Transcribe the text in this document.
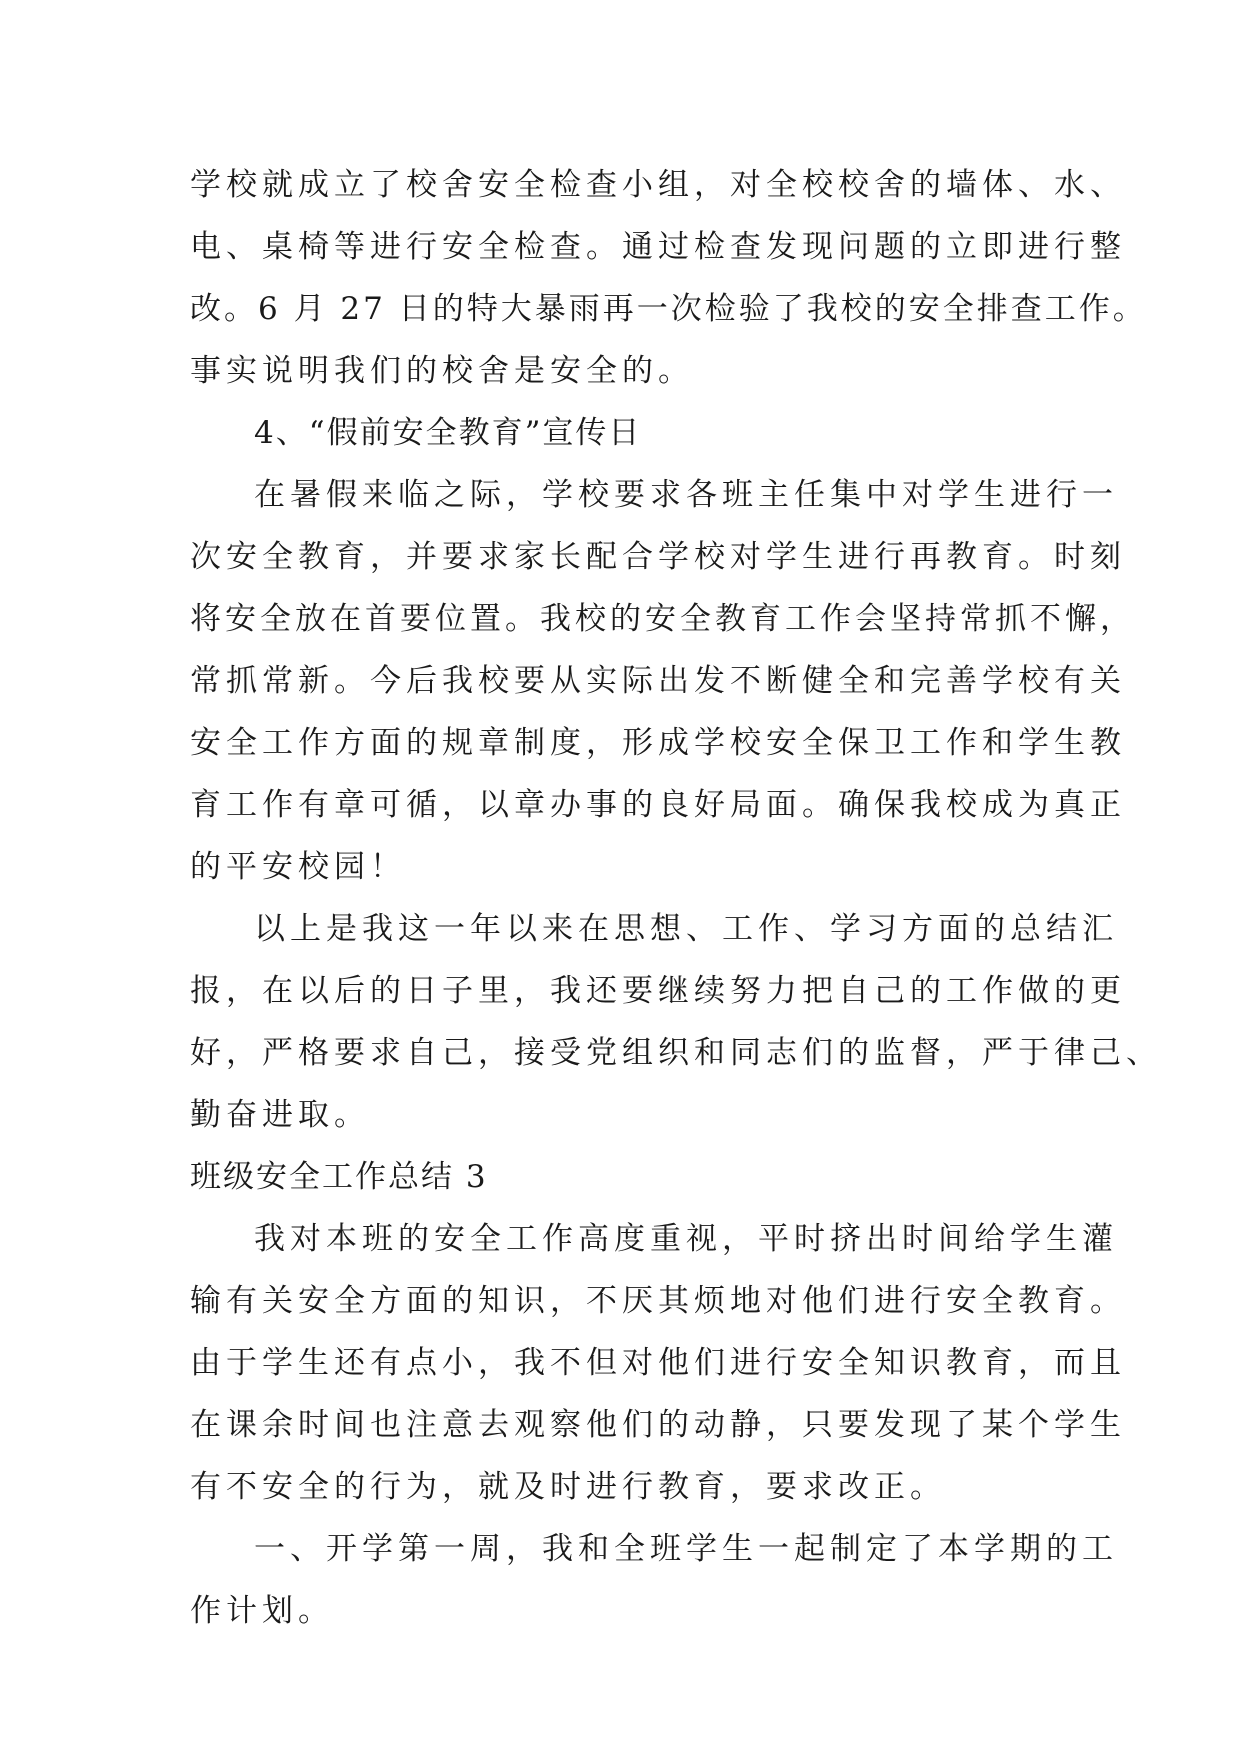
学校就成立了校舍安全检查小组，对全校校舍的墙体、水、
电、桌椅等进行安全检查。通过检查发现问题的立即进行整
改。6 月 27 日的特大暴雨再一次检验了我校的安全排查工作。
事实说明我们的校舍是安全的。
4、“假前安全教育”宣传日
在暑假来临之际，学校要求各班主任集中对学生进行一
次安全教育，并要求家长配合学校对学生进行再教育。时刻
将安全放在首要位置。我校的安全教育工作会坚持常抓不懈，
常抓常新。今后我校要从实际出发不断健全和完善学校有关
安全工作方面的规章制度，形成学校安全保卫工作和学生教
育工作有章可循，以章办事的良好局面。确保我校成为真正
的平安校园！
以上是我这一年以来在思想、工作、学习方面的总结汇
报，在以后的日子里，我还要继续努力把自己的工作做的更
好，严格要求自己，接受党组织和同志们的监督，严于律己、
勤奋进取。
班级安全工作总结 3
我对本班的安全工作高度重视，平时挤出时间给学生灌
输有关安全方面的知识，不厌其烦地对他们进行安全教育。
由于学生还有点小，我不但对他们进行安全知识教育，而且
在课余时间也注意去观察他们的动静，只要发现了某个学生
有不安全的行为，就及时进行教育，要求改正。
一、开学第一周，我和全班学生一起制定了本学期的工
作计划。
